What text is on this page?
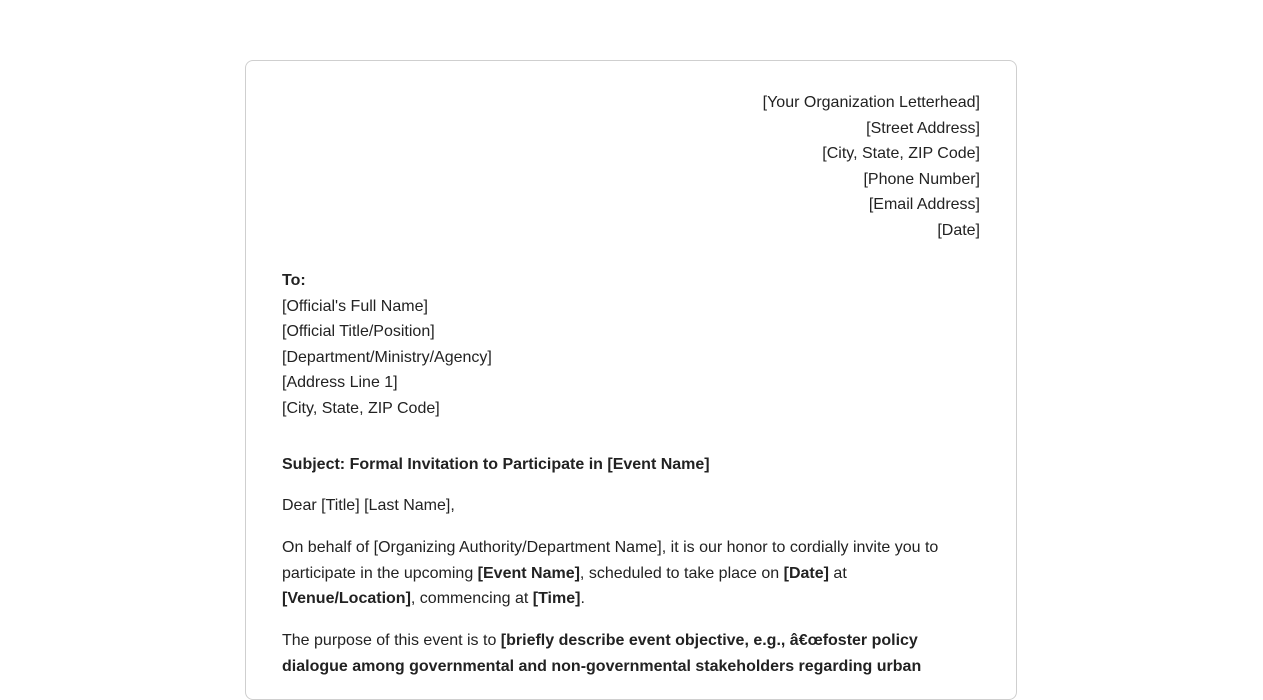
[Your Organization Letterhead]
[Street Address]
[City, State, ZIP Code]
[Phone Number]
[Email Address]
[Date]
To:
[Official's Full Name]
[Official Title/Position]
[Department/Ministry/Agency]
[Address Line 1]
[City, State, ZIP Code]
Subject: Formal Invitation to Participate in [Event Name]
Dear [Title] [Last Name],
On behalf of [Organizing Authority/Department Name], it is our honor to cordially invite you to participate in the upcoming [Event Name], scheduled to take place on [Date] at [Venue/Location], commencing at [Time].
The purpose of this event is to [briefly describe event objective, e.g., â€œfoster policy dialogue among governmental and non-governmental stakeholders regarding urban
